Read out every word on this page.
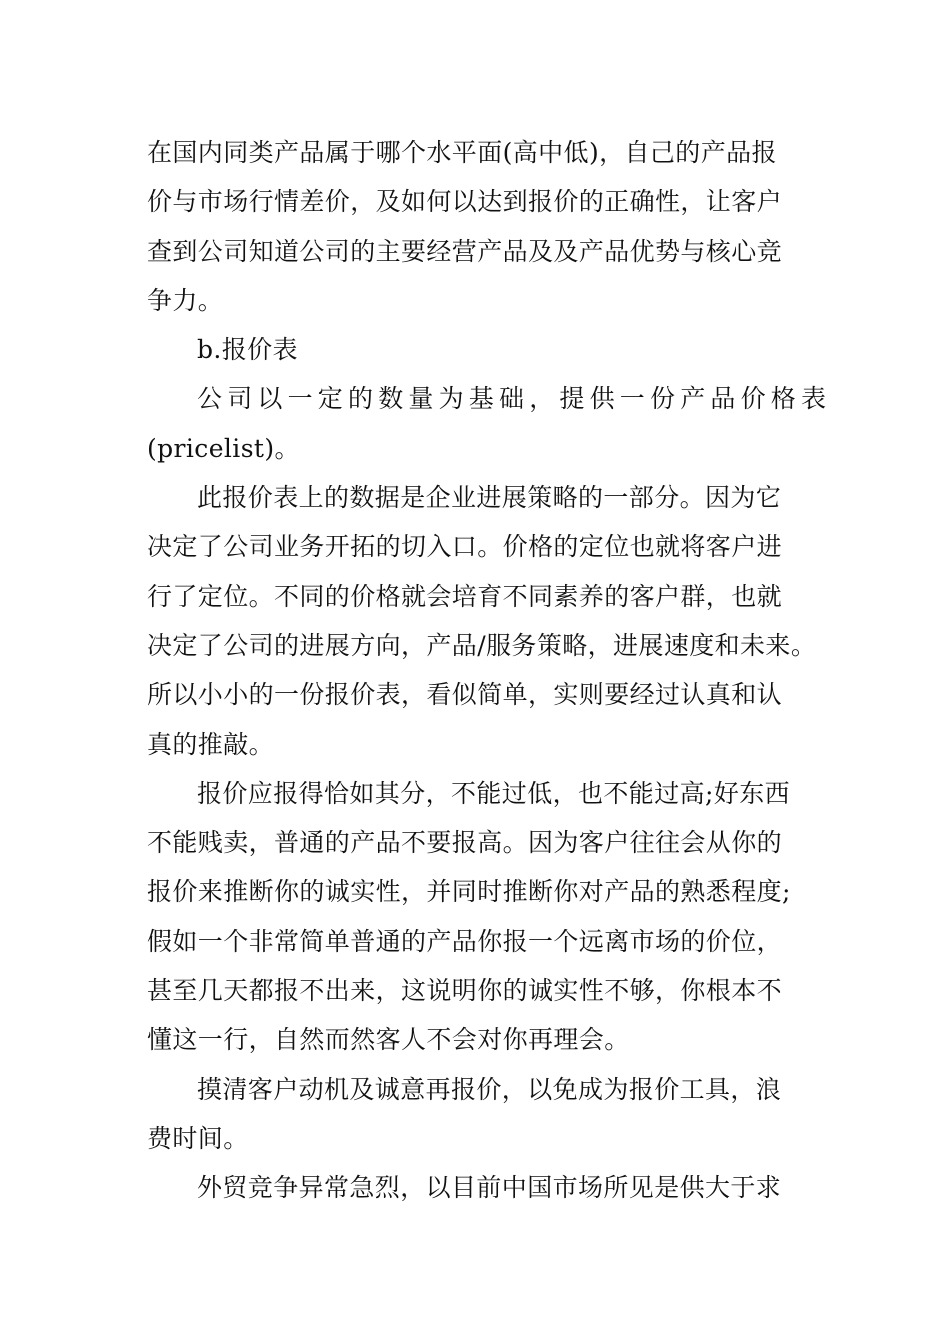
在国内同类产品属于哪个水平面(高中低)，自己的产品报
价与市场行情差价，及如何以达到报价的正确性，让客户
查到公司知道公司的主要经营产品及及产品优势与核心竞
争力。
b.报价表
公司以一定的数量为基础，提供一份产品价格表
(pricelist)。
此报价表上的数据是企业进展策略的一部分。因为它
决定了公司业务开拓的切入口。价格的定位也就将客户进
行了定位。不同的价格就会培育不同素养的客户群，也就
决定了公司的进展方向，产品/服务策略，进展速度和未来。
所以小小的一份报价表，看似简单，实则要经过认真和认
真的推敲。
报价应报得恰如其分，不能过低，也不能过高;好东西
不能贱卖，普通的产品不要报高。因为客户往往会从你的
报价来推断你的诚实性，并同时推断你对产品的熟悉程度;
假如一个非常简单普通的产品你报一个远离市场的价位，
甚至几天都报不出来，这说明你的诚实性不够，你根本不
懂这一行，自然而然客人不会对你再理会。
摸清客户动机及诚意再报价，以免成为报价工具，浪
费时间。
外贸竞争异常急烈，以目前中国市场所见是供大于求
